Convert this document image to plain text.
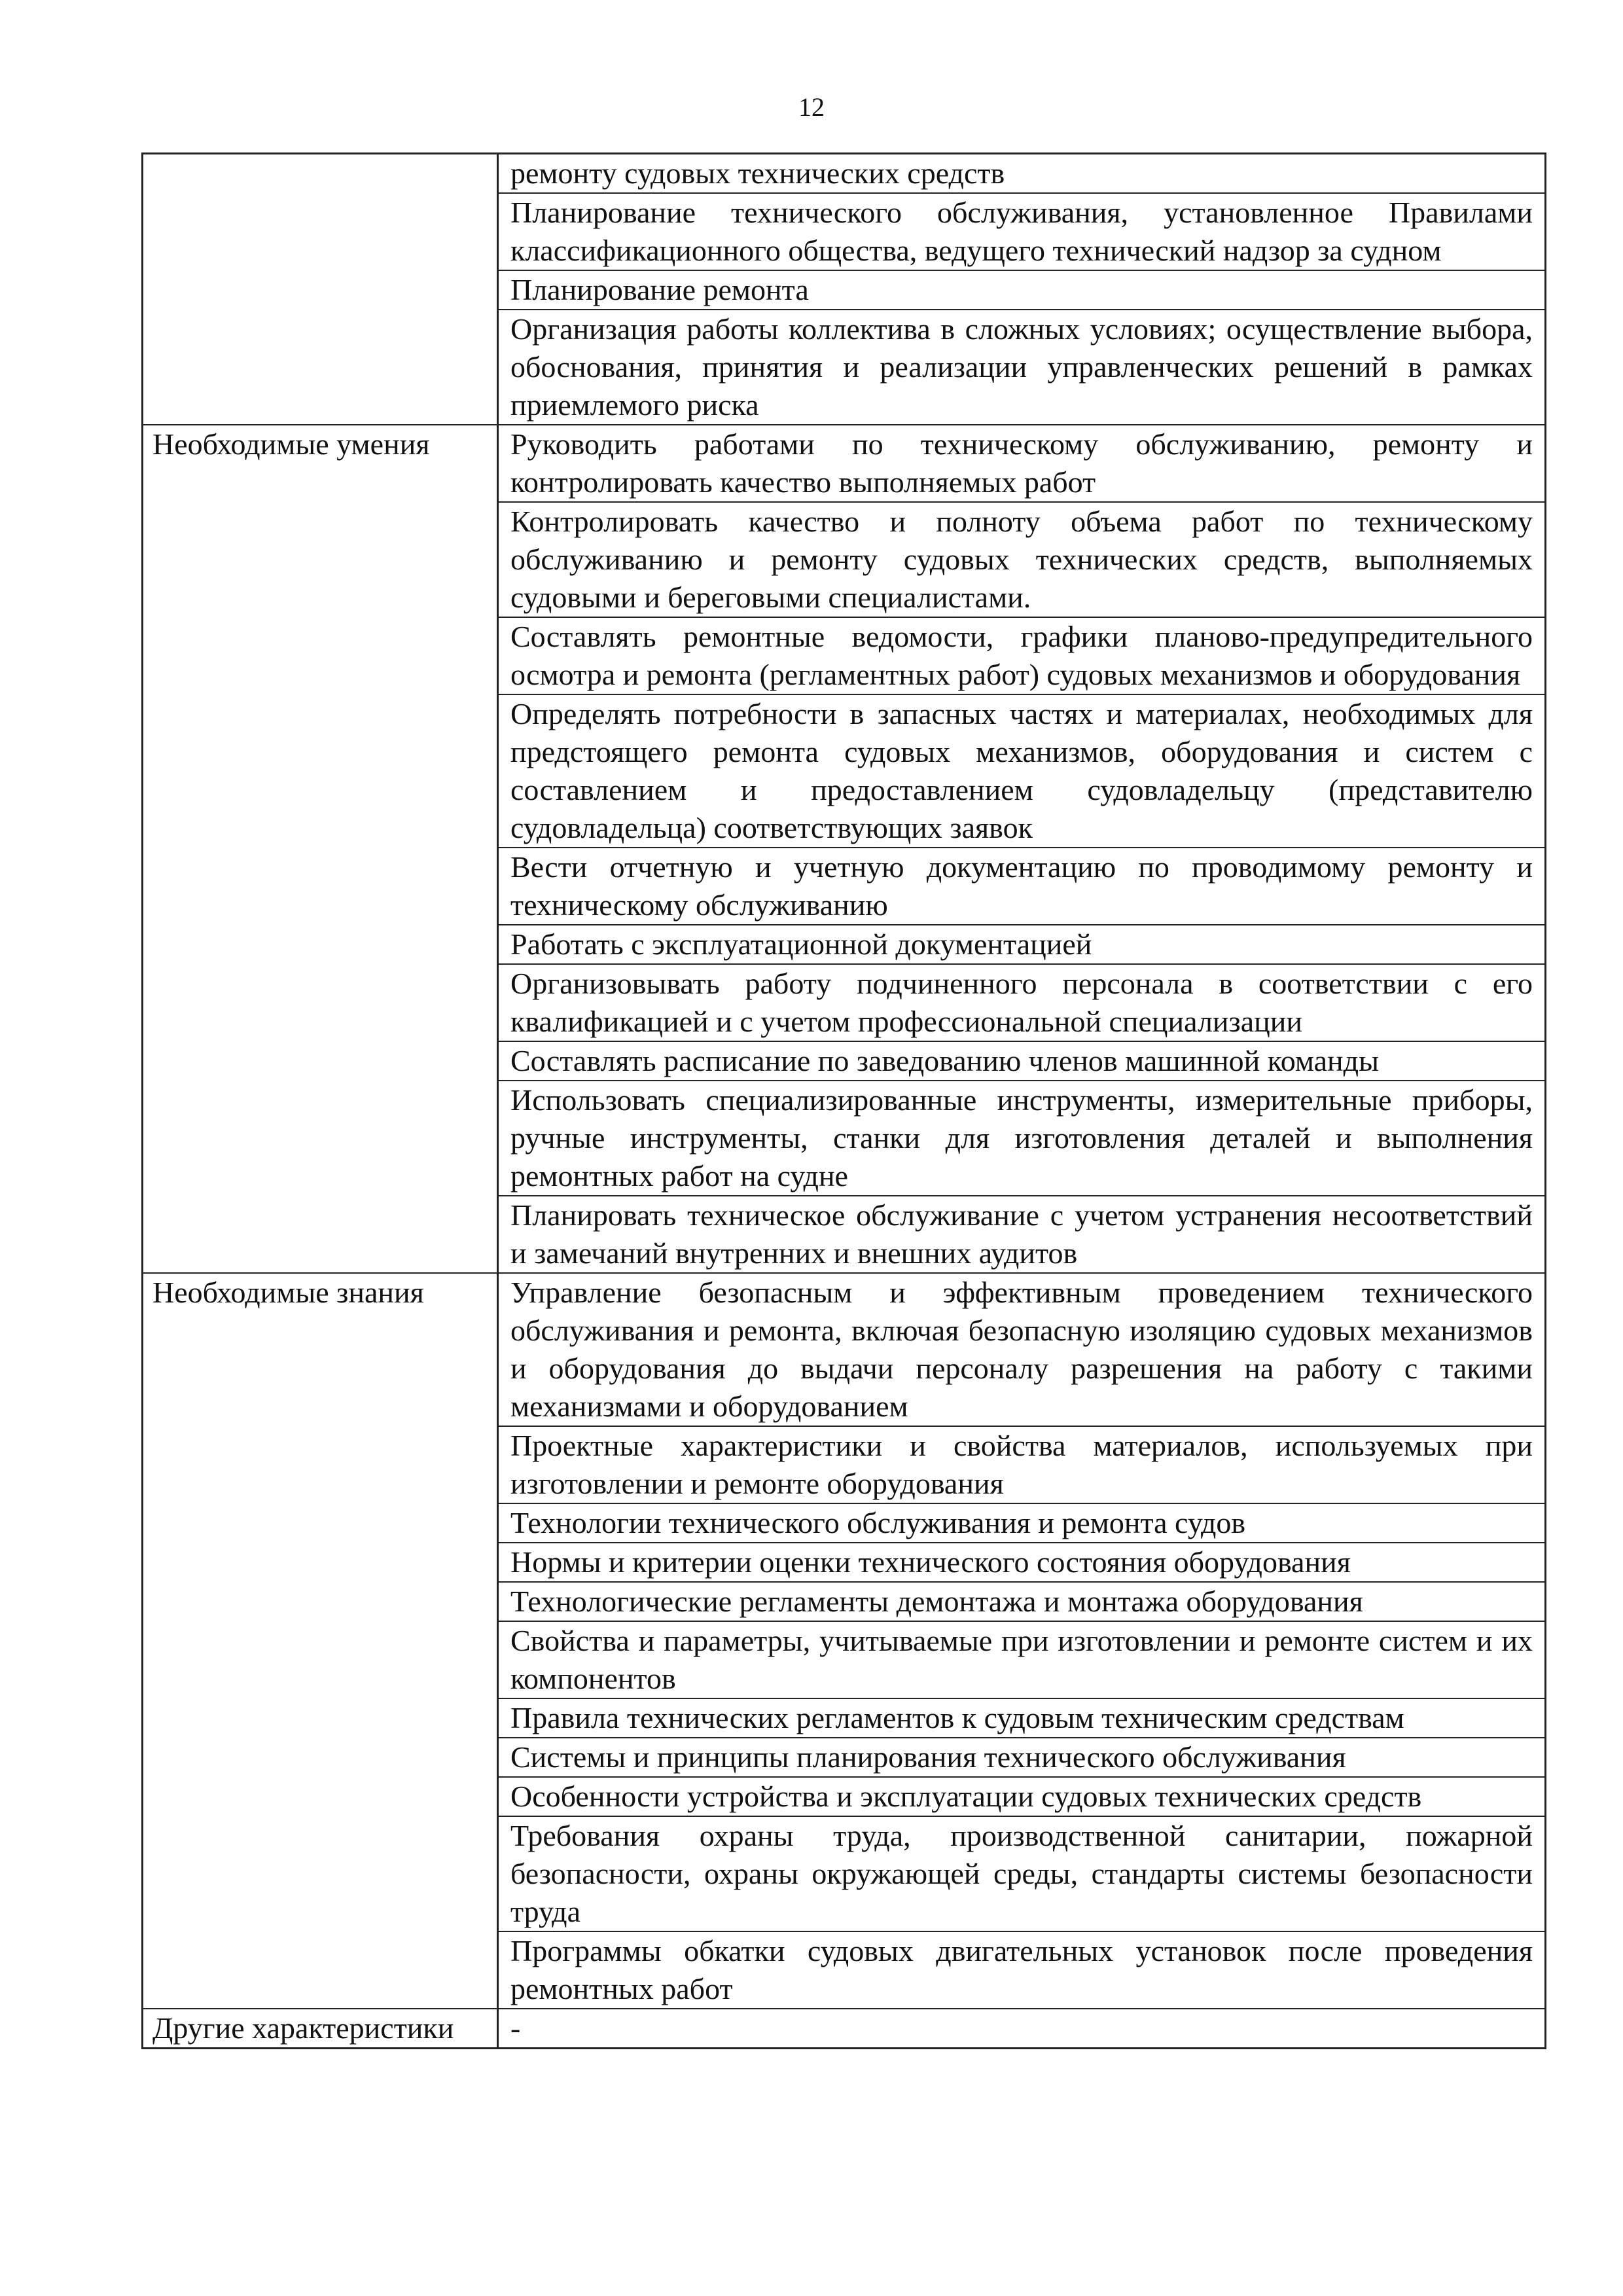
12
	ремонту судовых технических средств
	Планирование технического обслуживания, установленное Правилами классификационного общества, ведущего технический надзор за судном
	Планирование ремонта
	Организация работы коллектива в сложных условиях; осуществление выбора, обоснования, принятия и реализации управленческих решений в рамках приемлемого риска
Необходимые умения	Руководить работами по техническому обслуживанию, ремонту и контролировать качество выполняемых работ
	Контролировать качество и полноту объема работ по техническому обслуживанию и ремонту судовых технических средств, выполняемых судовыми и береговыми специалистами.
	Составлять ремонтные ведомости, графики планово-предупредительного осмотра и ремонта (регламентных работ) судовых механизмов и оборудования
	Определять потребности в запасных частях и материалах, необходимых для предстоящего ремонта судовых механизмов, оборудования и систем с составлением и предоставлением судовладельцу (представителю судовладельца) соответствующих заявок
	Вести отчетную и учетную документацию по проводимому ремонту и техническому обслуживанию
	Работать с эксплуатационной документацией
	Организовывать работу подчиненного персонала в соответствии с его квалификацией и с учетом профессиональной специализации
	Составлять расписание по заведованию членов машинной команды
	Использовать специализированные инструменты, измерительные приборы, ручные инструменты, станки для изготовления деталей и выполнения ремонтных работ на судне
	Планировать техническое обслуживание с учетом устранения несоответствий и замечаний внутренних и внешних аудитов
Необходимые знания	Управление безопасным и эффективным проведением технического обслуживания и ремонта, включая безопасную изоляцию судовых механизмов и оборудования до выдачи персоналу разрешения на работу с такими механизмами и оборудованием
	Проектные характеристики и свойства материалов, используемых при изготовлении и ремонте оборудования
	Технологии технического обслуживания и ремонта судов
	Нормы и критерии оценки технического состояния оборудования
	Технологические регламенты демонтажа и монтажа оборудования
	Свойства и параметры, учитываемые при изготовлении и ремонте систем и их компонентов
	Правила технических регламентов к судовым техническим средствам
	Системы и принципы планирования технического обслуживания
	Особенности устройства и эксплуатации судовых технических средств
	Требования охраны труда, производственной санитарии, пожарной безопасности, охраны окружающей среды, стандарты системы безопасности труда
	Программы обкатки судовых двигательных установок после проведения ремонтных работ
Другие характеристики	-
